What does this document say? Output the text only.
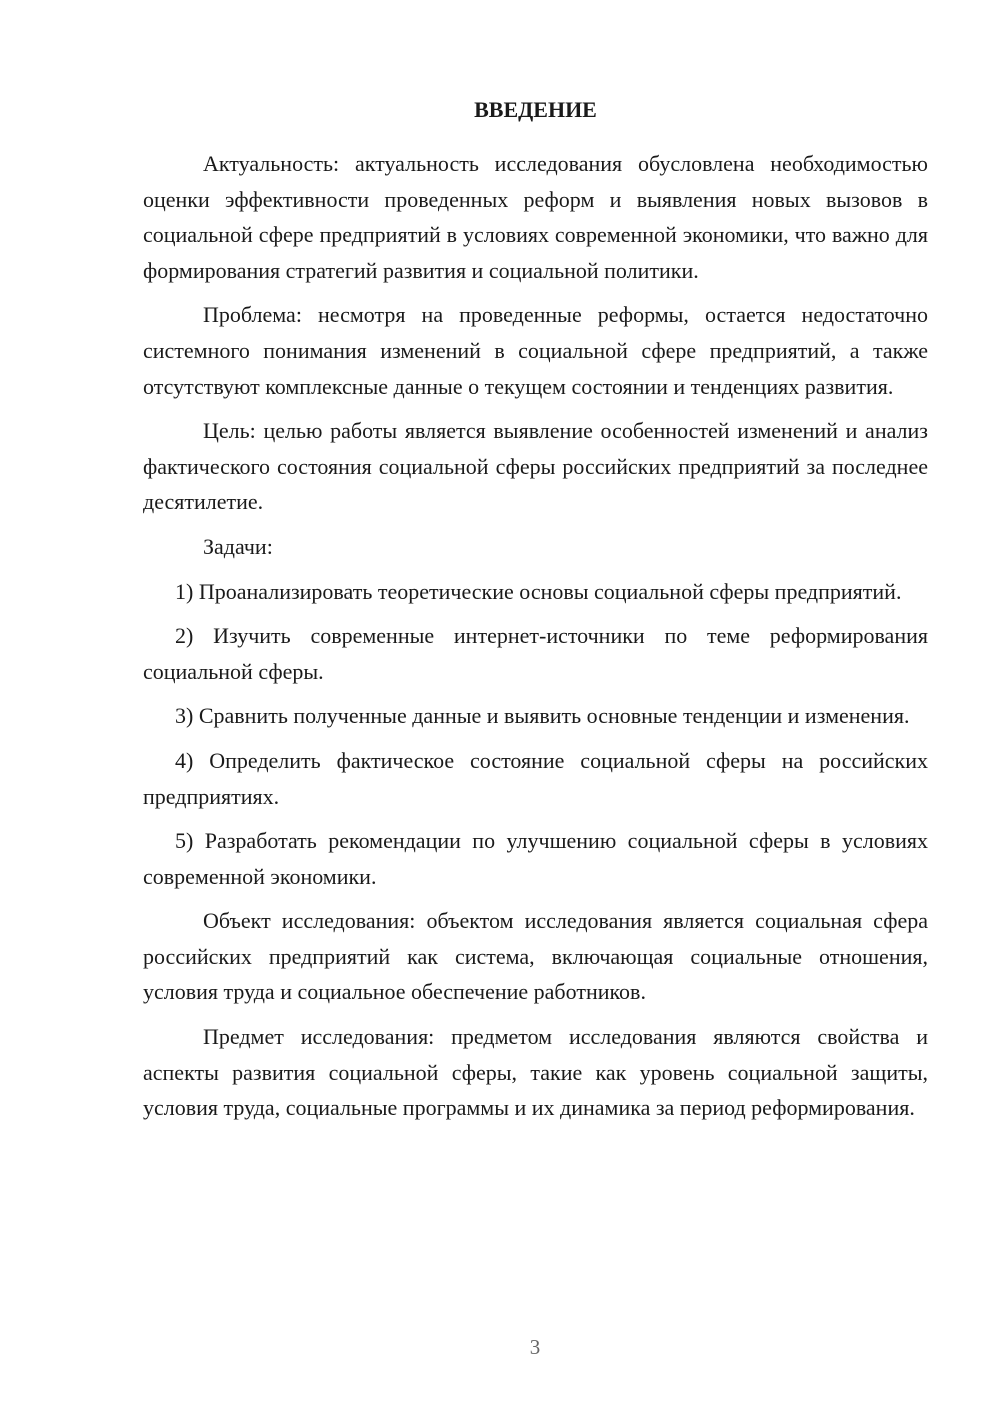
ВВЕДЕНИЕ

Актуальность: актуальность исследования обусловлена необходимостью оценки эффективности проведенных реформ и выявления новых вызовов в социальной сфере предприятий в условиях современной экономики, что важно для формирования стратегий развития и социальной политики.

Проблема: несмотря на проведенные реформы, остается недостаточно системного понимания изменений в социальной сфере предприятий, а также отсутствуют комплексные данные о текущем состоянии и тенденциях развития.

Цель: целью работы является выявление особенностей изменений и анализ фактического состояния социальной сферы российских предприятий за последнее десятилетие.

Задачи:

1) Проанализировать теоретические основы социальной сферы предприятий.

2) Изучить современные интернет-источники по теме реформирования социальной сферы.

3) Сравнить полученные данные и выявить основные тенденции и изменения.

4) Определить фактическое состояние социальной сферы на российских предприятиях.

5) Разработать рекомендации по улучшению социальной сферы в условиях современной экономики.

Объект исследования: объектом исследования является социальная сфера российских предприятий как система, включающая социальные отношения, условия труда и социальное обеспечение работников.

Предмет исследования: предметом исследования являются свойства и аспекты развития социальной сферы, такие как уровень социальной защиты, условия труда, социальные программы и их динамика за период реформирования.

3
